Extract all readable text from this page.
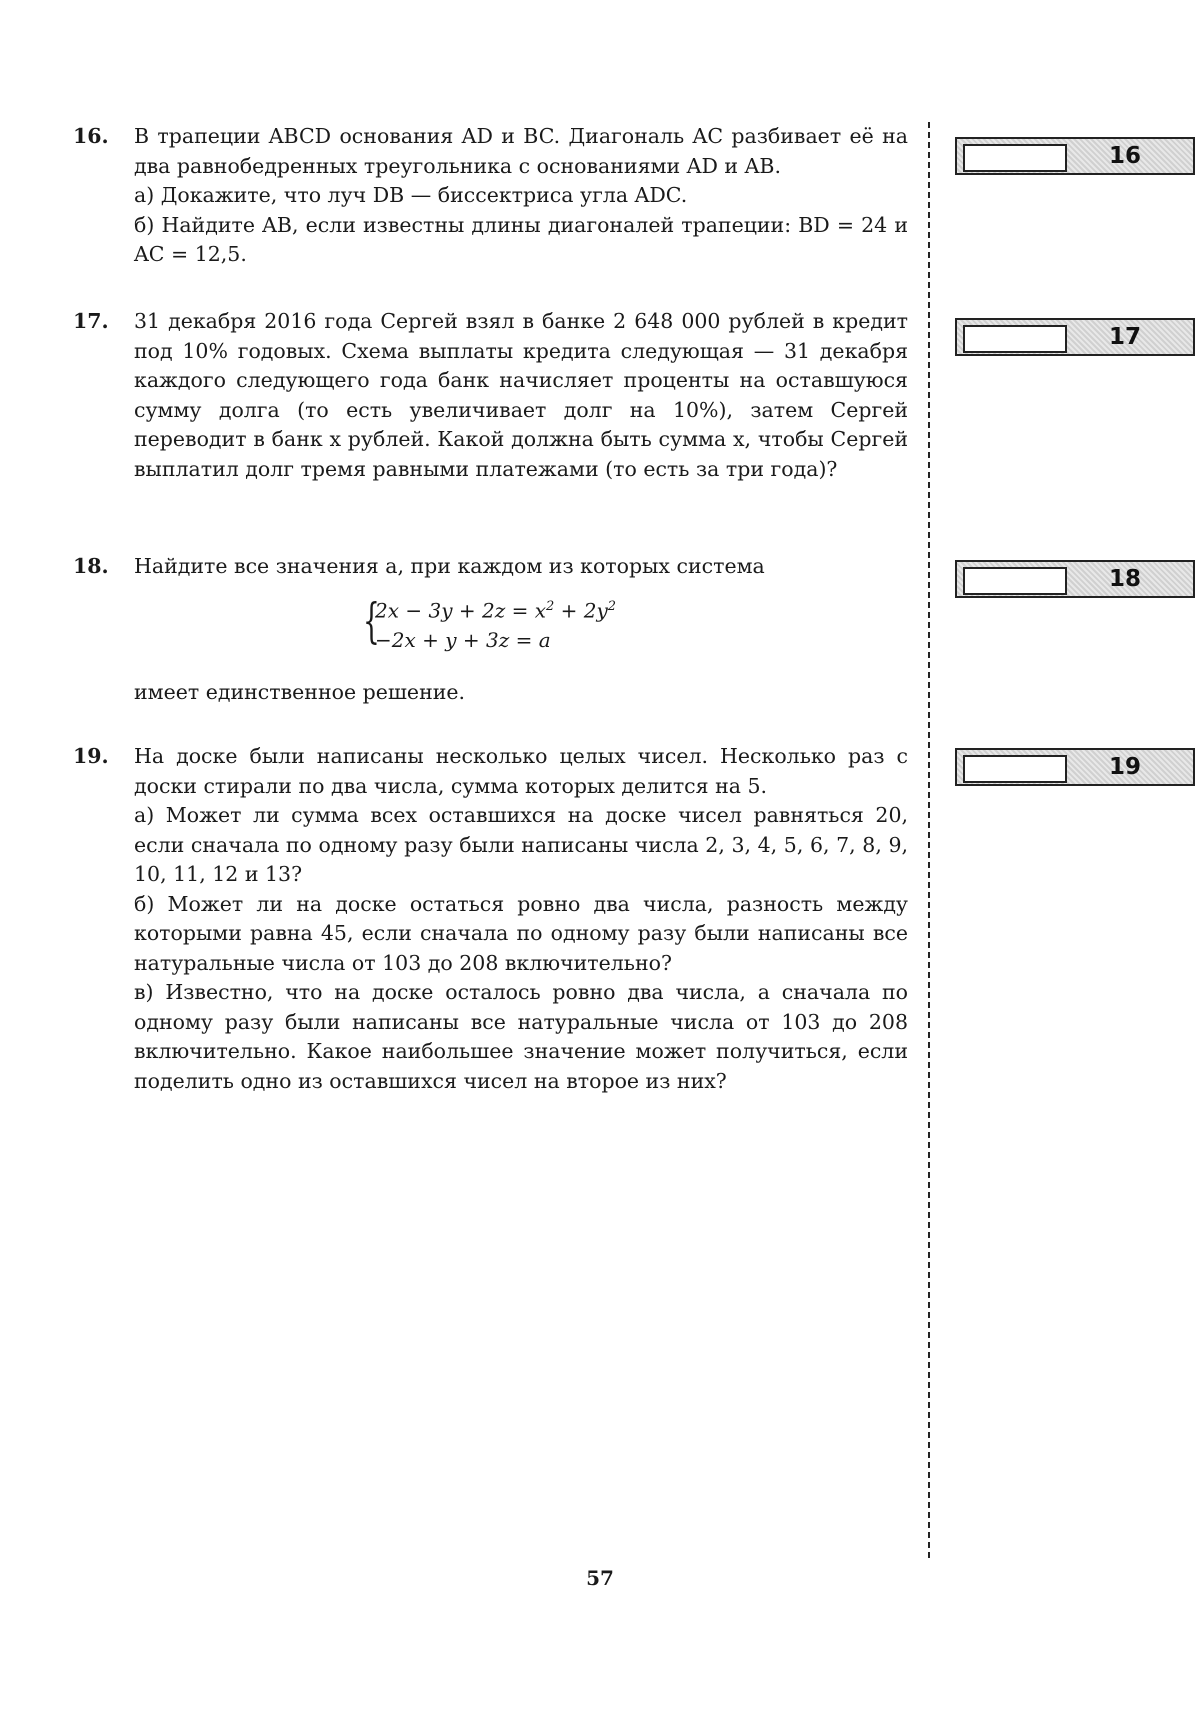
16. В трапеции ABCD основания AD и BC. Диагональ AC разбивает её на два равнобедренных треугольника с основаниями AD и AB.

а) Докажите, что луч DB — биссектриса угла ADC.

б) Найдите AB, если известны длины диагоналей трапеции: BD = 24 и AC = 12,5.

17. 31 декабря 2016 года Сергей взял в банке 2 648 000 рублей в кредит под 10% годовых. Схема выплаты кредита следующая — 31 декабря каждого следующего года банк начисляет проценты на оставшуюся сумму долга (то есть увеличивает долг на 10%), затем Сергей переводит в банк x рублей. Какой должна быть сумма x, чтобы Сергей выплатил долг тремя равными платежами (то есть за три года)?

18. Найдите все значения a, при каждом из которых система

{
$2x - 3y + 2z = x^2 + 2y^2$
−2x + y + 3z = a
имеет единственное решение.
19. На доске были написаны несколько целых чисел. Несколько раз с доски стирали по два числа, сумма которых делится на 5.

а) Может ли сумма всех оставшихся на доске чисел равняться 20, если сначала по одному разу были написаны числа 2, 3, 4, 5, 6, 7, 8, 9, 10, 11, 12 и 13?

б) Может ли на доске остаться ровно два числа, разность между которыми равна 45, если сначала по одному разу были написаны все натуральные числа от 103 до 208 включительно?

в) Известно, что на доске осталось ровно два числа, а сначала по одному разу были написаны все натуральные числа от 103 до 208 включительно. Какое наибольшее значение может получиться, если поделить одно из оставшихся чисел на второе из них?

16
17
18
19
57
